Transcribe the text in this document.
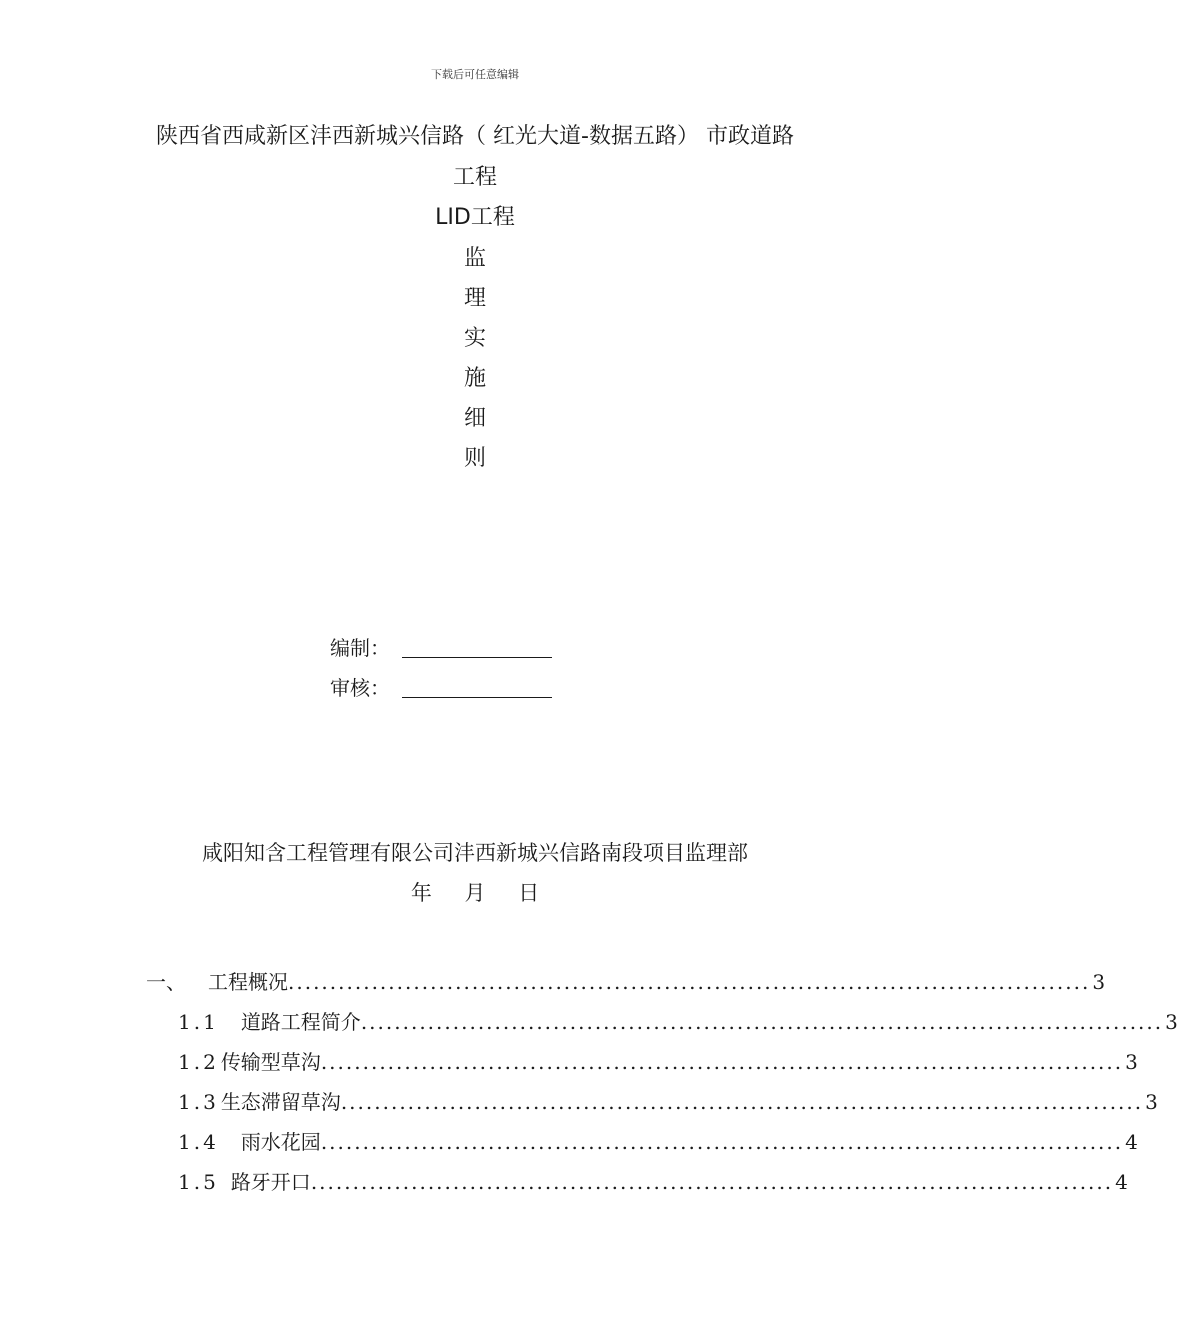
下载后可任意编辑
陕西省西咸新区沣西新城兴信路（ 红光大道-数据五路） 市政道路
工程
LID工程
监
理
实
施
细
则
编制：
审核：
咸阳知含工程管理有限公司沣西新城兴信路南段项目监理部
年 月 日
一、 工程概况 ................................................................................................ 3
1.1 道路工程简介 ................................................................................................ 3
1.2 传输型草沟 ................................................................................................ 3
1.3 生态滞留草沟 ................................................................................................ 3
1.4 雨水花园 ................................................................................................ 4
1.5 路牙开口 ................................................................................................ 4
